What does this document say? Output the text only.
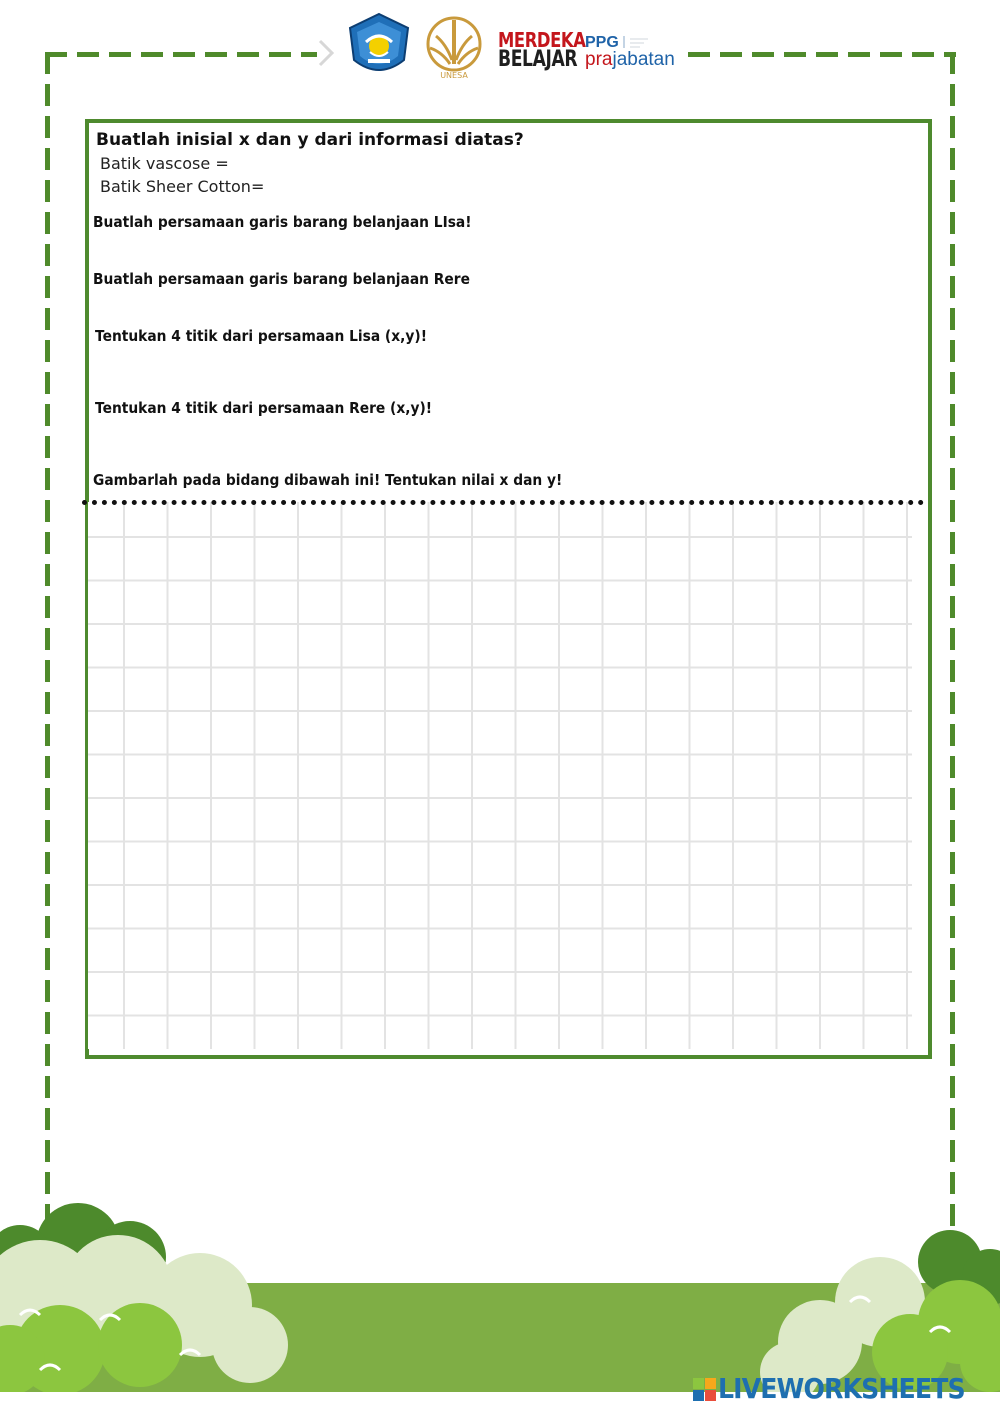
UNESA
MERDEKA
BELAJAR
PPG
prajabatan
Buatlah inisial x dan y dari informasi diatas?
Batik vascose =
Batik Sheer Cotton=
Buatlah persamaan garis barang belanjaan LIsa!
Buatlah persamaan garis barang belanjaan Rere
Tentukan 4 titik dari persamaan Lisa (x,y)!
Tentukan 4 titik dari persamaan Rere (x,y)!
Gambarlah pada bidang dibawah ini! Tentukan nilai x dan y!
LIVEWORKSHEETS
